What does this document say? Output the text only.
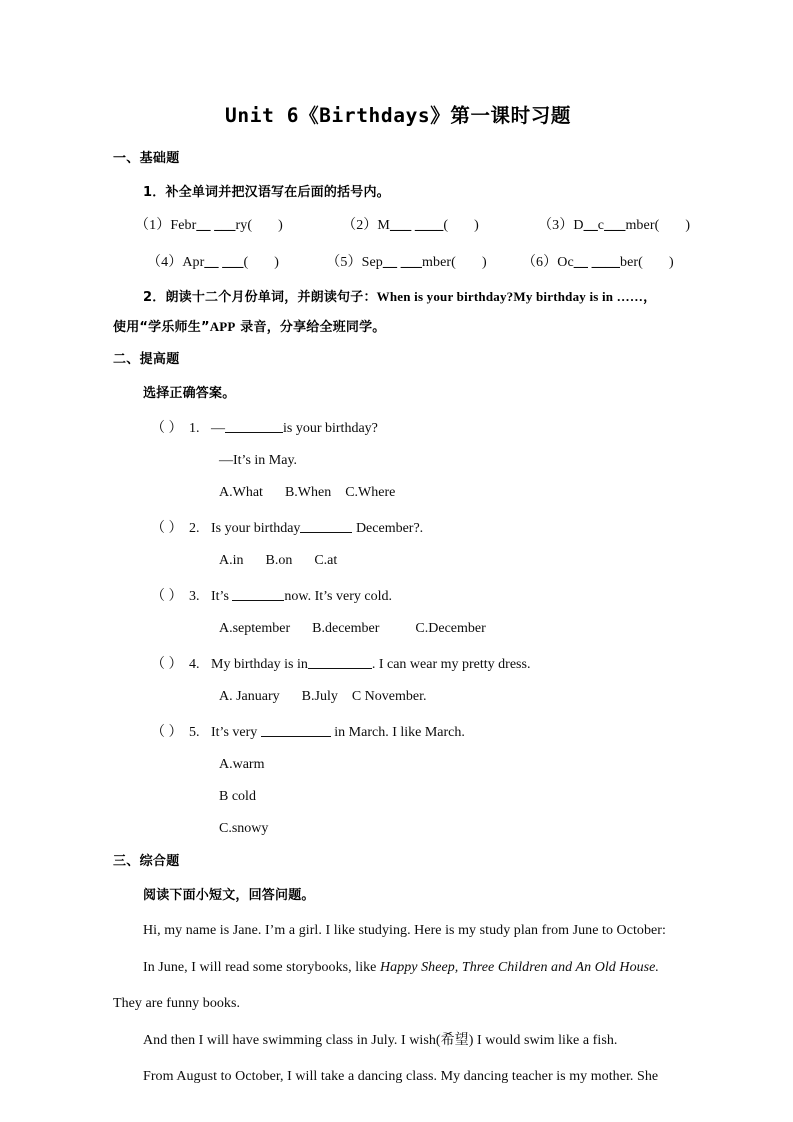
Unit 6《Birthdays》第一课时习题
一、基础题
1．补全单词并把汉语写在后面的括号内。
（1）Febr__ ___ry( )	（2）M___ ____( )	（3）D__c___mber( )
（4）Apr__ ___( )	（5）Sep__ ___mber( )	（6）Oc__ ____ber( )
2．朗读十二个月份单词，并朗读句子：When is your birthday?My birthday is in ……，
使用“学乐师生”APP 录音，分享给全班同学。
二、提高题
选择正确答案。
（ ） 1. —	is your birthday?
—It’s in May.
A.What B.When C.Where
（ ） 2. Is your birthday	December?.
A.in B.on C.at
（ ） 3. It’s	now. It’s very cold.
A.september B.december	C.December
（ ） 4. My birthday is in	. I can wear my pretty dress.
A. January B.July C November.
（ ） 5. It’s very	in March. I like March.
A.warm
B cold
C.snowy
三、综合题
阅读下面小短文，回答问题。
Hi, my name is Jane. I’m a girl. I like studying. Here is my study plan from June to October:
In June, I will read some storybooks, like Happy Sheep, Three Children and An Old House.
They are funny books.
And then I will have swimming class in July. I wish(希望) I would swim like a fish.
From August to October, I will take a dancing class. My dancing teacher is my mother. She
